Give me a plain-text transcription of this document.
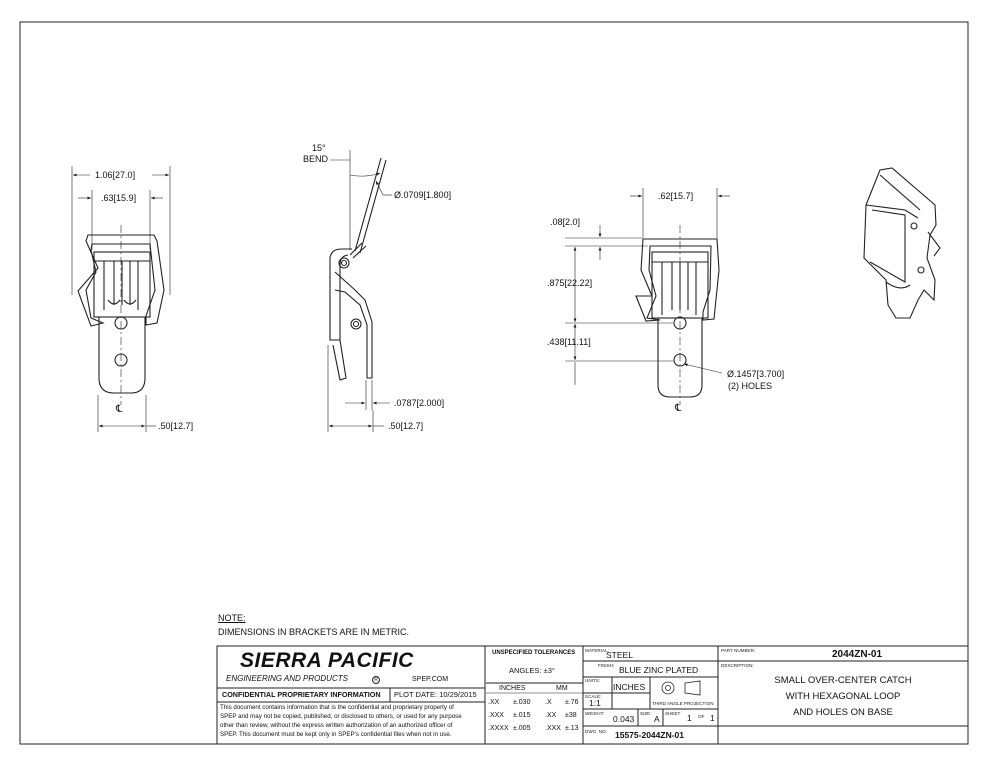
1.06[27.0]
.63[15.9]
℄
.50[12.7]
15°
BEND
Ø.0709[1.800]
.0787[2.000]
.50[12.7]
.62[15.7]
.08[2.0]
.875[22.22]
.438[11.11]
Ø.1457[3.700]
(2) HOLES
℄
NOTE:
DIMENSIONS IN BRACKETS ARE IN METRIC.
SIERRA PACIFIC
ENGINEERING AND PRODUCTS	R	SPEP.COM
CONFIDENTIAL PROPRIETARY INFORMATION PLOT DATE: 10/29/2015
This document contains information that is the confidential and proprietary property of
SPEP and may not be copied, published, or disclosed to others, or used for any purpose
other than review, without the express written authorization of an authorized officer of
SPEP. This document must be kept only in SPEP's confidential files when not in use.
UNSPECIFIED TOLERANCES
ANGLES: ±3°
INCHES	MM
.XX ±.030 .X ±.76
.XXX ±.015 .XX ±38
.XXXX ±.005 .XXX ±.13
MATERIAL:
STEEL
FINISH: BLUE ZINC PLATED
UNITS:
INCHES
SCALE:
1:1	THIRD ANGLE PROJECTION
WEIGHT:
0.043
SIZE:
A
SHEET 1 OF 1
DWG. NO. 15575-2044ZN-01
PART NUMBER:	2044ZN-01
DESCRIPTION:
SMALL OVER-CENTER CATCH
WITH HEXAGONAL LOOP
AND HOLES ON BASE
